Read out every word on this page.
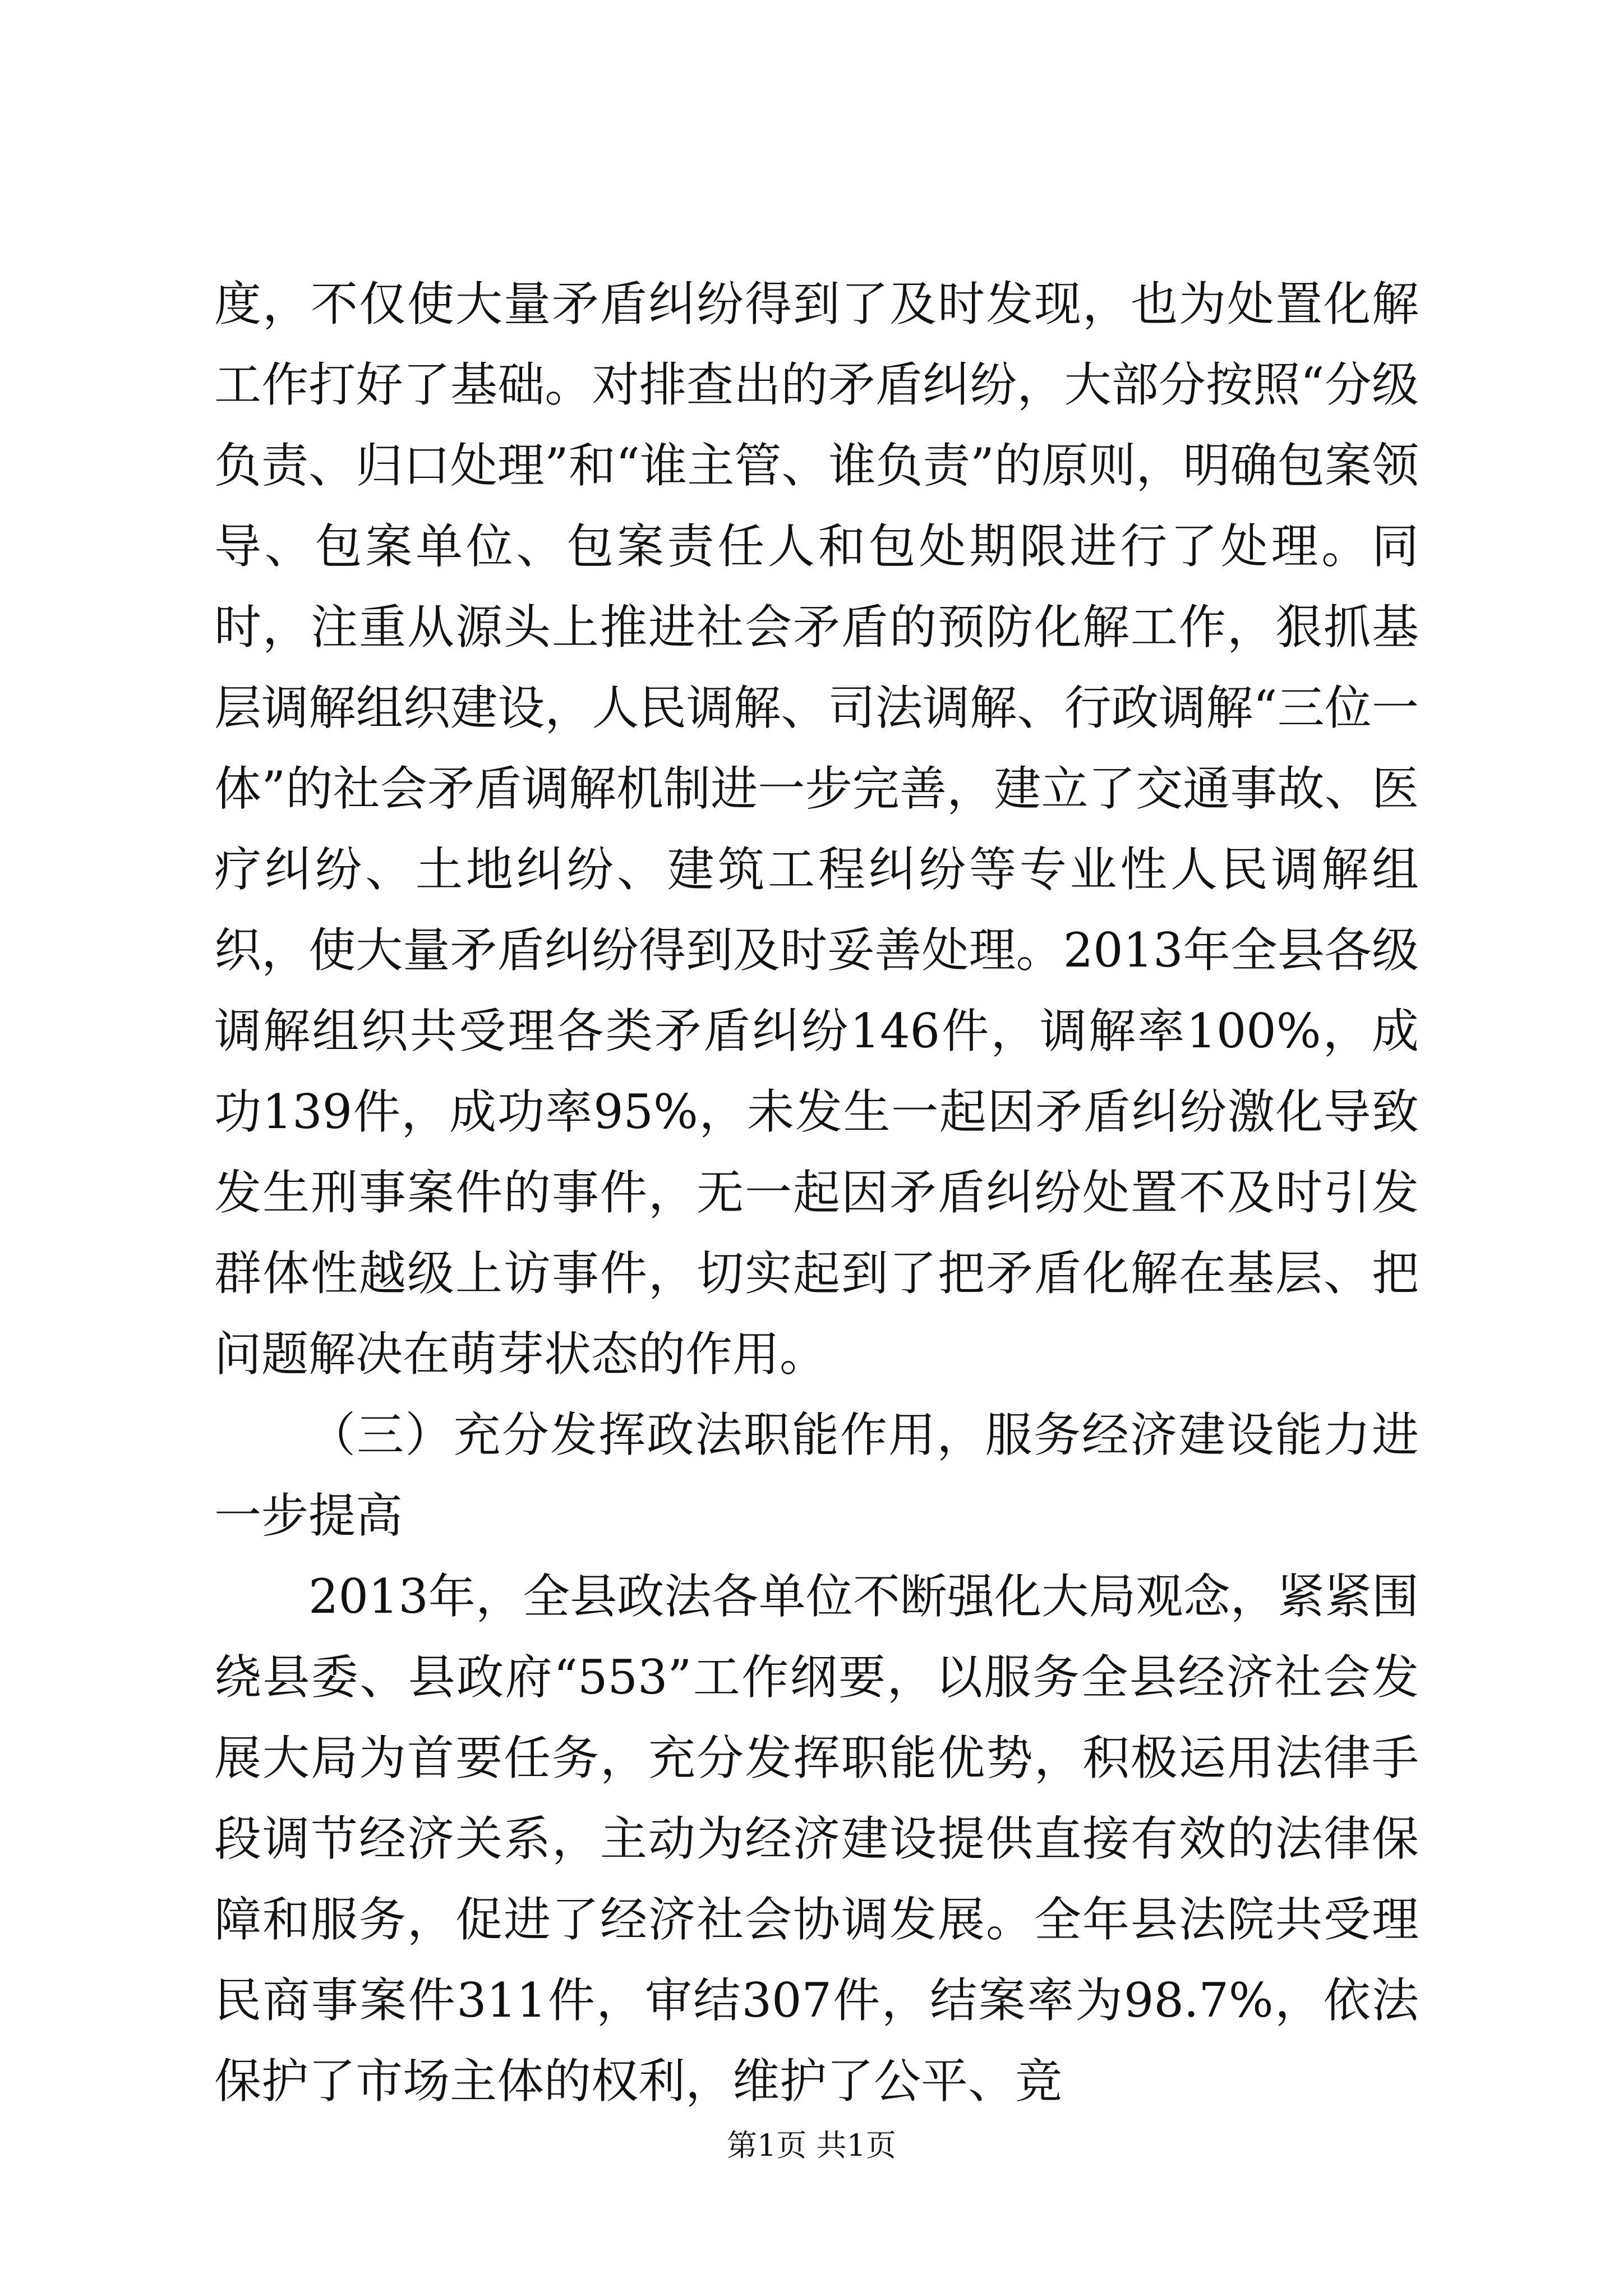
度，不仅使大量矛盾纠纷得到了及时发现，也为处置化解工作打好了基础。对排查出的矛盾纠纷，大部分按照“分级负责、归口处理”和“谁主管、谁负责”的原则，明确包案领导、包案单位、包案责任人和包处期限进行了处理。同时，注重从源头上推进社会矛盾的预防化解工作，狠抓基层调解组织建设，人民调解、司法调解、行政调解“三位一体”的社会矛盾调解机制进一步完善，建立了交通事故、医疗纠纷、土地纠纷、建筑工程纠纷等专业性人民调解组织，使大量矛盾纠纷得到及时妥善处理。2013年全县各级调解组织共受理各类矛盾纠纷146件，调解率100%，成功139件，成功率95%，未发生一起因矛盾纠纷激化导致发生刑事案件的事件，无一起因矛盾纠纷处置不及时引发群体性越级上访事件，切实起到了把矛盾化解在基层、把问题解决在萌芽状态的作用。

（三）充分发挥政法职能作用，服务经济建设能力进一步提高

2013年，全县政法各单位不断强化大局观念，紧紧围绕县委、县政府“553”工作纲要，以服务全县经济社会发展大局为首要任务，充分发挥职能优势，积极运用法律手段调节经济关系，主动为经济建设提供直接有效的法律保障和服务，促进了经济社会协调发展。全年县法院共受理民商事案件311件，审结307件，结案率为98.7%，依法保护了市场主体的权利，维护了公平、竞

第1页 共1页
